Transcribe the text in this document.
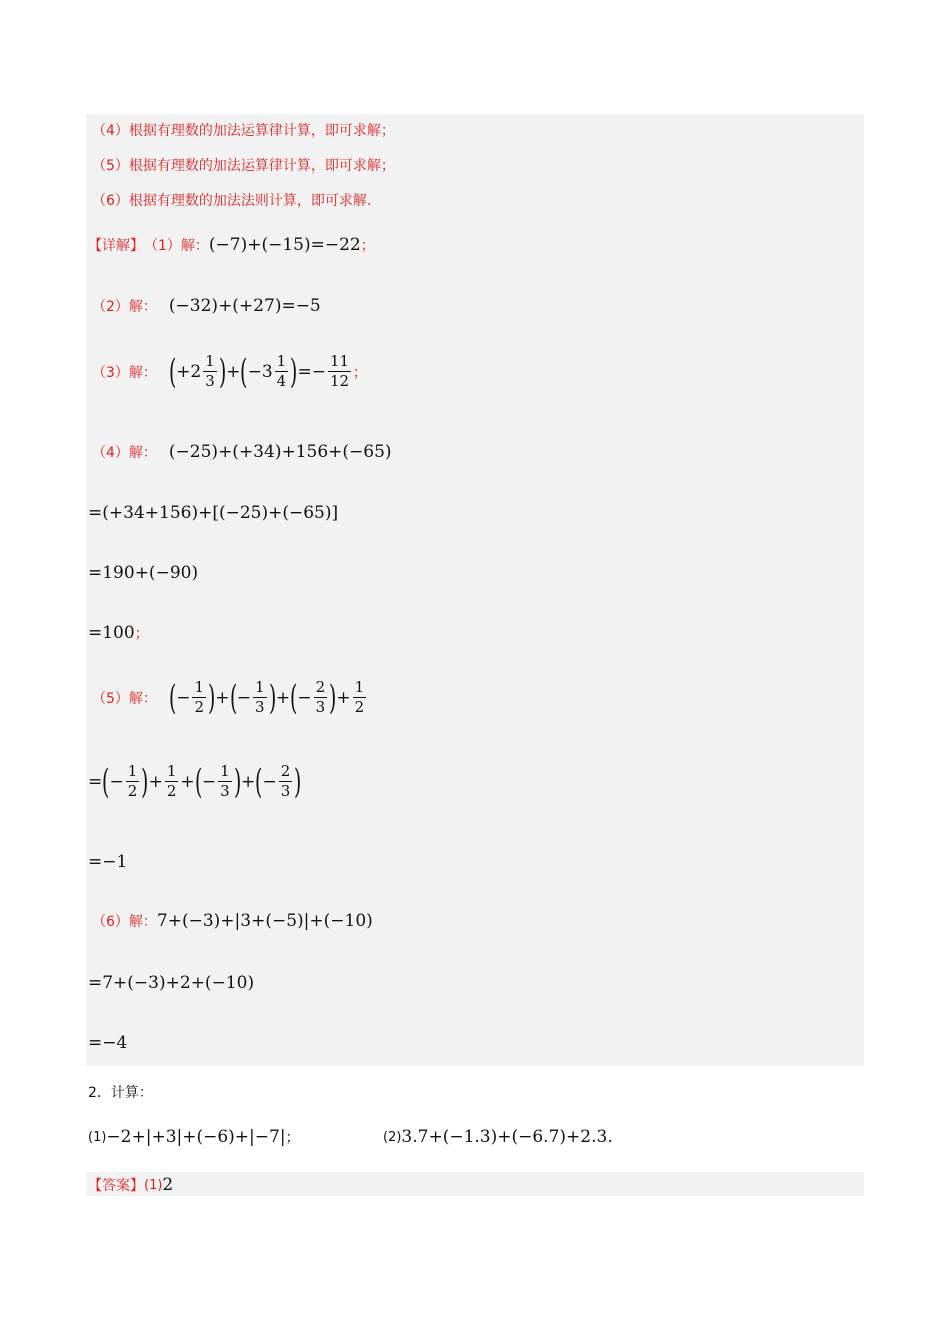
（4）根据有理数的加法运算律计算，即可求解；
（5）根据有理数的加法运算律计算，即可求解；
（6）根据有理数的加法法则计算，即可求解.
【详解】 （1）解： (−7)+(−15)=−22 ；
（2）解： (−32)+(+27)=−5
（3）解： ( $+2 \frac{1}{3}$ ) + ( $-3 \frac{1}{4}$ ) =− $\frac{11}{12}$ ；
（4）解： (−25)+(+34)+156+(−65)
=(+34+156)+[(−25)+(−65)]
=190+(−90)
=100 ；
（5）解： ( − $\frac{1}{2}$ ) + ( − $\frac{1}{3}$ ) + ( − $\frac{2}{3}$ ) + $\frac{1}{2}$
= ( − $\frac{1}{2}$ ) + $\frac{1}{2}$ + ( − $\frac{1}{3}$ ) + ( − $\frac{2}{3}$ )
=−1
（6）解： 7+(−3)+|3+(−5)|+(−10)
=7+(−3)+2+(−10)
=−4
2．计算：
(1) −2+|+3|+(−6)+|−7| ；	(2) 3.7+(−1.3)+(−6.7)+2.3.
【答案】 (1) 2
